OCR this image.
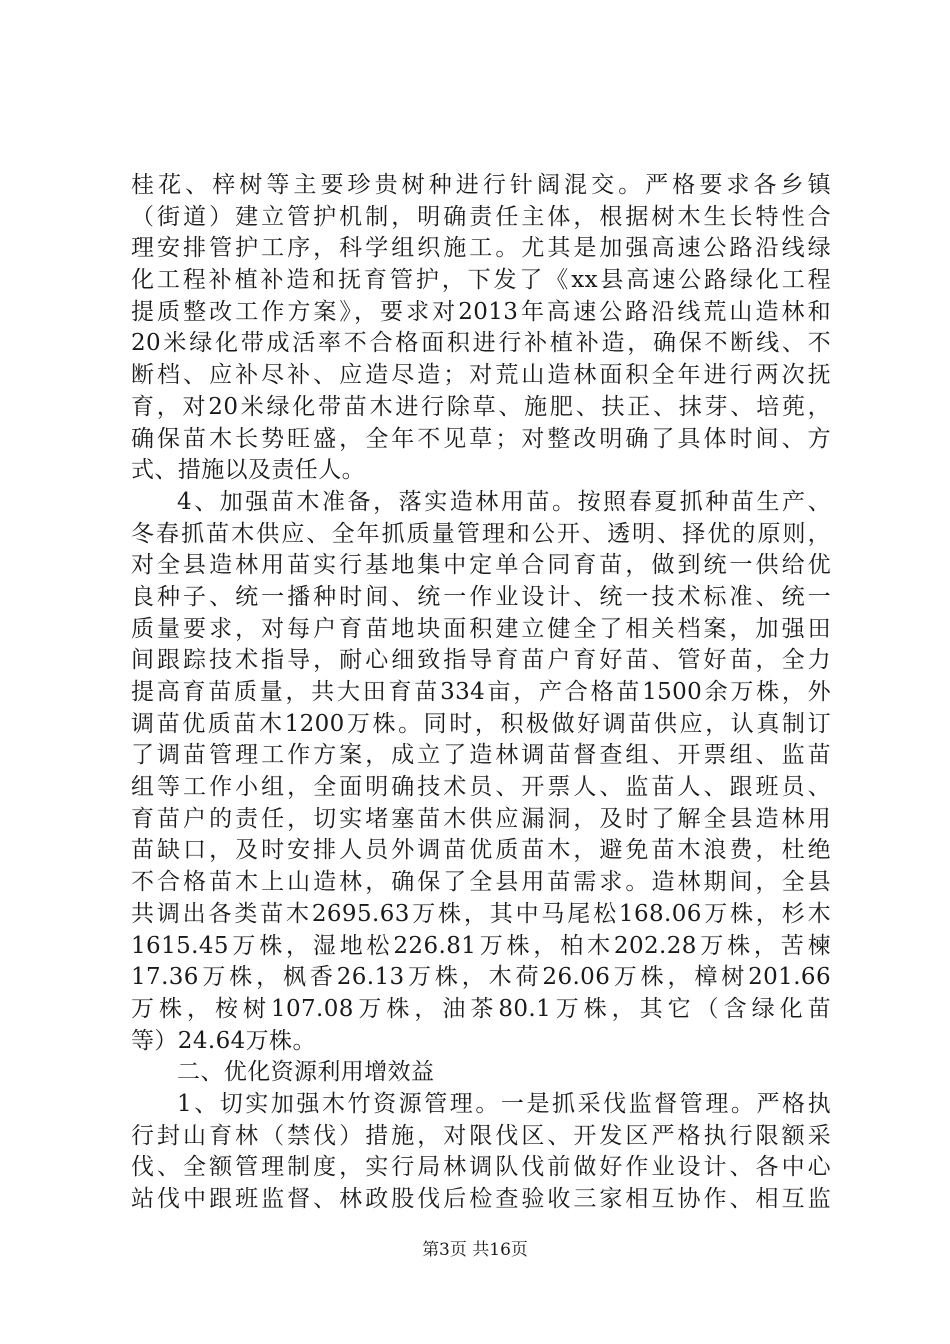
桂花、梓树等主要珍贵树种进行针阔混交。严格要求各乡镇
（街道）建立管护机制，明确责任主体，根据树木生长特性合
理安排管护工序，科学组织施工。尤其是加强高速公路沿线绿
化工程补植补造和抚育管护，下发了《xx县高速公路绿化工程
提质整改工作方案》，要求对2013年高速公路沿线荒山造林和
20米绿化带成活率不合格面积进行补植补造，确保不断线、不
断档、应补尽补、应造尽造；对荒山造林面积全年进行两次抚
育，对20米绿化带苗木进行除草、施肥、扶正、抹芽、培蔸，
确保苗木长势旺盛，全年不见草；对整改明确了具体时间、方
式、措施以及责任人。
4、加强苗木准备，落实造林用苗。按照春夏抓种苗生产、
冬春抓苗木供应、全年抓质量管理和公开、透明、择优的原则，
对全县造林用苗实行基地集中定单合同育苗，做到统一供给优
良种子、统一播种时间、统一作业设计、统一技术标准、统一
质量要求，对每户育苗地块面积建立健全了相关档案，加强田
间跟踪技术指导，耐心细致指导育苗户育好苗、管好苗，全力
提高育苗质量，共大田育苗334亩，产合格苗1500余万株，外
调苗优质苗木1200万株。同时，积极做好调苗供应，认真制订
了调苗管理工作方案，成立了造林调苗督查组、开票组、监苗
组等工作小组，全面明确技术员、开票人、监苗人、跟班员、
育苗户的责任，切实堵塞苗木供应漏洞，及时了解全县造林用
苗缺口，及时安排人员外调苗优质苗木，避免苗木浪费，杜绝
不合格苗木上山造林，确保了全县用苗需求。造林期间，全县
共调出各类苗木2695.63万株，其中马尾松168.06万株，杉木
1615.45万株，湿地松226.81万株，柏木202.28万株，苦楝
17.36万株，枫香26.13万株，木荷26.06万株，樟树201.66
万株，桉树107.08万株，油茶80.1万株，其它（含绿化苗
等）24.64万株。
二、优化资源利用增效益
1、切实加强木竹资源管理。一是抓采伐监督管理。严格执
行封山育林（禁伐）措施，对限伐区、开发区严格执行限额采
伐、全额管理制度，实行局林调队伐前做好作业设计、各中心
站伐中跟班监督、林政股伐后检查验收三家相互协作、相互监
第3页 共16页
